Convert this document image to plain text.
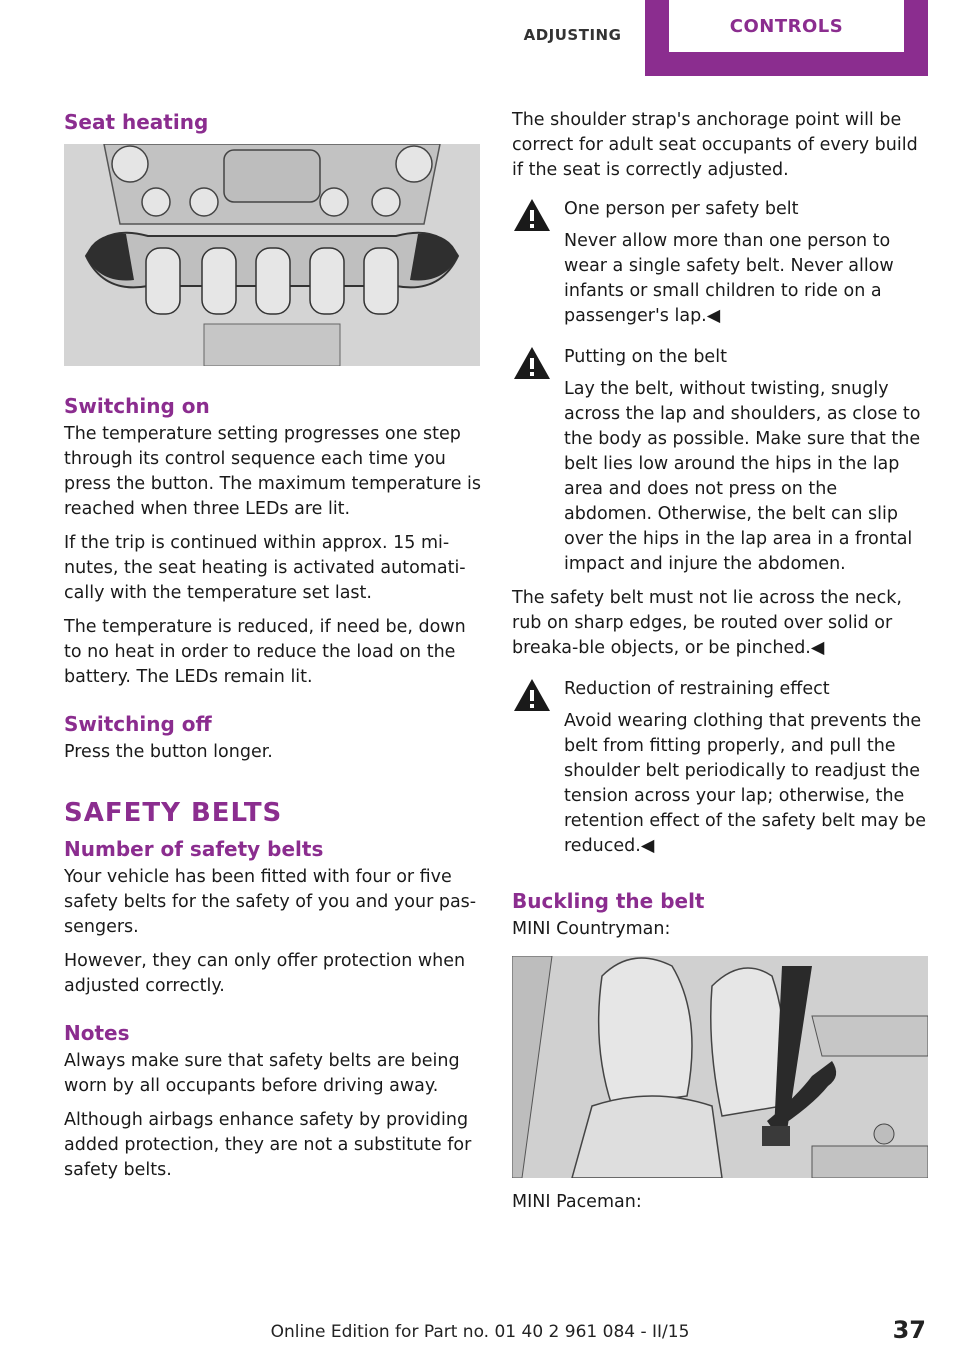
ADJUSTING	CONTROLS
Seat heating
Switching on

The temperature setting progresses one step through its control sequence each time you press the button. The maximum temperature is reached when three LEDs are lit.

If the trip is continued within approx. 15 mi‐nutes, the seat heating is activated automati‐cally with the temperature set last.

The temperature is reduced, if need be, down to no heat in order to reduce the load on the battery. The LEDs remain lit.

Switching off

Press the button longer.

SAFETY BELTS
Number of safety belts

Your vehicle has been fitted with four or five safety belts for the safety of you and your pas‐sengers.

However, they can only offer protection when adjusted correctly.

Notes

Always make sure that safety belts are being worn by all occupants before driving away.

Although airbags enhance safety by providing added protection, they are not a substitute for safety belts.

The shoulder strap's anchorage point will be correct for adult seat occupants of every build if the seat is correctly adjusted.

One person per safety belt
Never allow more than one person to wear a single safety belt. Never allow infants or small children to ride on a passenger's lap.◀
Putting on the belt
Lay the belt, without twisting, snugly across the lap and shoulders, as close to the body as possible. Make sure that the belt lies low around the hips in the lap area and does not press on the abdomen. Otherwise, the belt can slip over the hips in the lap area in a frontal impact and injure the abdomen.

The safety belt must not lie across the neck, rub on sharp edges, be routed over solid or breaka‐ble objects, or be pinched.◀

Reduction of restraining effect
Avoid wearing clothing that prevents the belt from fitting properly, and pull the shoulder belt periodically to readjust the tension across your lap; otherwise, the retention effect of the safety belt may be reduced.◀
Buckling the belt

MINI Countryman:

MINI Paceman:

Online Edition for Part no. 01 40 2 961 084 - II/15	37
